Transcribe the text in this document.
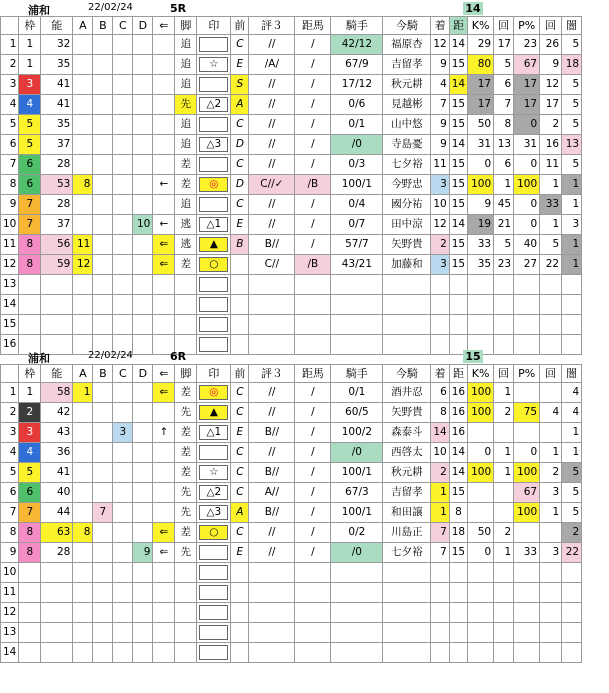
浦和	22/02/24	5R	14
	枠	能	A	B	C	D	⇐	脚	印	前	評３	距馬	騎手	今騎	着	距	K%	回	P%	回	闇
1	1	32						追		C	//	/	42/12	福原杏	12	14	29	17	23	26	5
2	1	35						追	☆	E	/A/	/	67/9	吉留孝	9	15	80	5	67	9	18
3	3	41						追		S	//	/	17/12	秋元耕	4	14	17	6	17	12	5
4	4	41						先	△2	A	//	/	0/6	見越彬	7	15	17	7	17	17	5
5	5	35						追		C	//	/	0/1	山中悠	9	15	50	8	0	2	5
6	5	37						追	△3	D	//	/	/0	寺島憂	9	14	31	13	31	16	13
7	6	28						差		C	//	/	0/3	七夕裕	11	15	0	6	0	11	5
8	6	53	8				←	差	◎	D	C//✓	/B	100/1	今野忠	3	15	100	1	100	1	1
9	7	28						追		C	//	/	0/4	國分祐	10	15	9	45	0	33	1
10	7	37				10	←	逃	△1	E	//	/	0/7	田中涼	12	14	19	21	0	1	3
11	8	56	11				⇐	逃	▲	B	B//	/	57/7	矢野貴	2	15	33	5	40	5	1
12	8	59	12				⇐	差	○		C//	/B	43/21	加藤和	3	15	35	23	27	22	1
13									

14									

15									

16									

浦和	22/02/24	6R	15
	枠	能	A	B	C	D	⇐	脚	印	前	評３	距馬	騎手	今騎	着	距	K%	回	P%	回	闇
1	1	58	1				⇐	差	◎	C	//	/	0/1	酒井忍	6	16	100	1			4
2	2	42						先	▲	C	//	/	60/5	矢野貴	8	16	100	2	75	4	4
3	3	43			3		↑	差	△1	E	B//	/	100/2	森泰斗	14	16					1
4	4	36						差		C	//	/	/0	西啓太	10	14	0	1	0	1	1
5	5	41						差	☆	C	B//	/	100/1	秋元耕	2	14	100	1	100	2	5
6	6	40						先	△2	C	A//	/	67/3	吉留孝	1	15			67	3	5
7	7	44		7				先	△3	A	B//	/	100/1	和田譲	1	8			100	1	5
8	8	63	8				⇐	差	○	C	//	/	0/2	川島正	7	18	50	2			2
9	8	28				9	⇐	先		E	//	/	/0	七夕裕	7	15	0	1	33	3	22
10									

11									

12									

13									

14									
